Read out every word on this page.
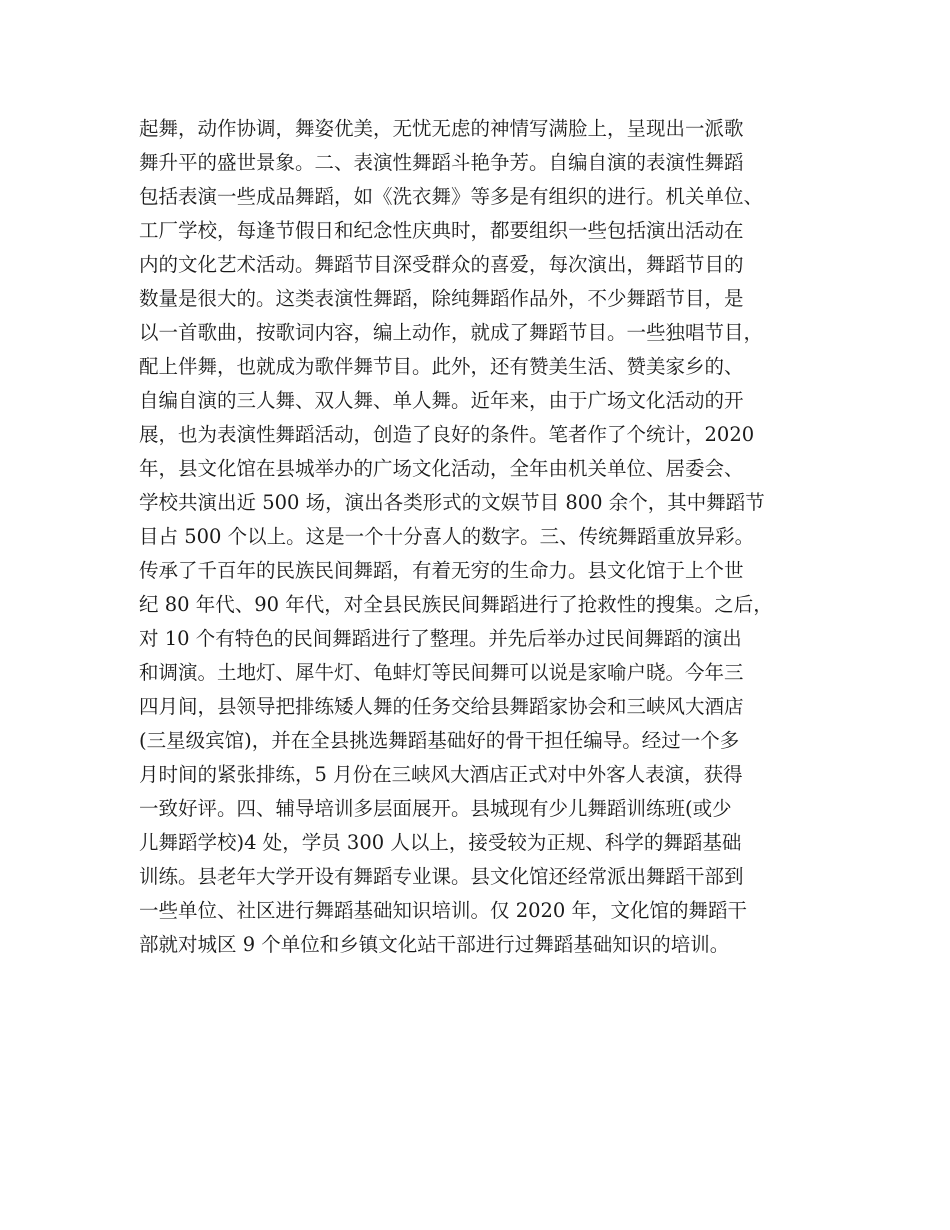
起舞，动作协调，舞姿优美，无忧无虑的神情写满脸上，呈现出一派歌
舞升平的盛世景象。二、表演性舞蹈斗艳争芳。自编自演的表演性舞蹈
包括表演一些成品舞蹈，如《洗衣舞》等多是有组织的进行。机关单位、
工厂学校，每逢节假日和纪念性庆典时，都要组织一些包括演出活动在
内的文化艺术活动。舞蹈节目深受群众的喜爱，每次演出，舞蹈节目的
数量是很大的。这类表演性舞蹈，除纯舞蹈作品外，不少舞蹈节目，是
以一首歌曲，按歌词内容，编上动作，就成了舞蹈节目。一些独唱节目，
配上伴舞，也就成为歌伴舞节目。此外，还有赞美生活、赞美家乡的、
自编自演的三人舞、双人舞、单人舞。近年来，由于广场文化活动的开
展，也为表演性舞蹈活动，创造了良好的条件。笔者作了个统计，2020
年，县文化馆在县城举办的广场文化活动，全年由机关单位、居委会、
学校共演出近 500 场，演出各类形式的文娱节目 800 余个，其中舞蹈节
目占 500 个以上。这是一个十分喜人的数字。三、传统舞蹈重放异彩。
传承了千百年的民族民间舞蹈，有着无穷的生命力。县文化馆于上个世
纪 80 年代、90 年代，对全县民族民间舞蹈进行了抢救性的搜集。之后，
对 10 个有特色的民间舞蹈进行了整理。并先后举办过民间舞蹈的演出
和调演。土地灯、犀牛灯、龟蚌灯等民间舞可以说是家喻户晓。今年三
四月间，县领导把排练矮人舞的任务交给县舞蹈家协会和三峡风大酒店
(三星级宾馆)，并在全县挑选舞蹈基础好的骨干担任编导。经过一个多
月时间的紧张排练，5 月份在三峡风大酒店正式对中外客人表演，获得
一致好评。四、辅导培训多层面展开。县城现有少儿舞蹈训练班(或少
儿舞蹈学校)4 处，学员 300 人以上，接受较为正规、科学的舞蹈基础
训练。县老年大学开设有舞蹈专业课。县文化馆还经常派出舞蹈干部到
一些单位、社区进行舞蹈基础知识培训。仅 2020 年，文化馆的舞蹈干
部就对城区 9 个单位和乡镇文化站干部进行过舞蹈基础知识的培训。
